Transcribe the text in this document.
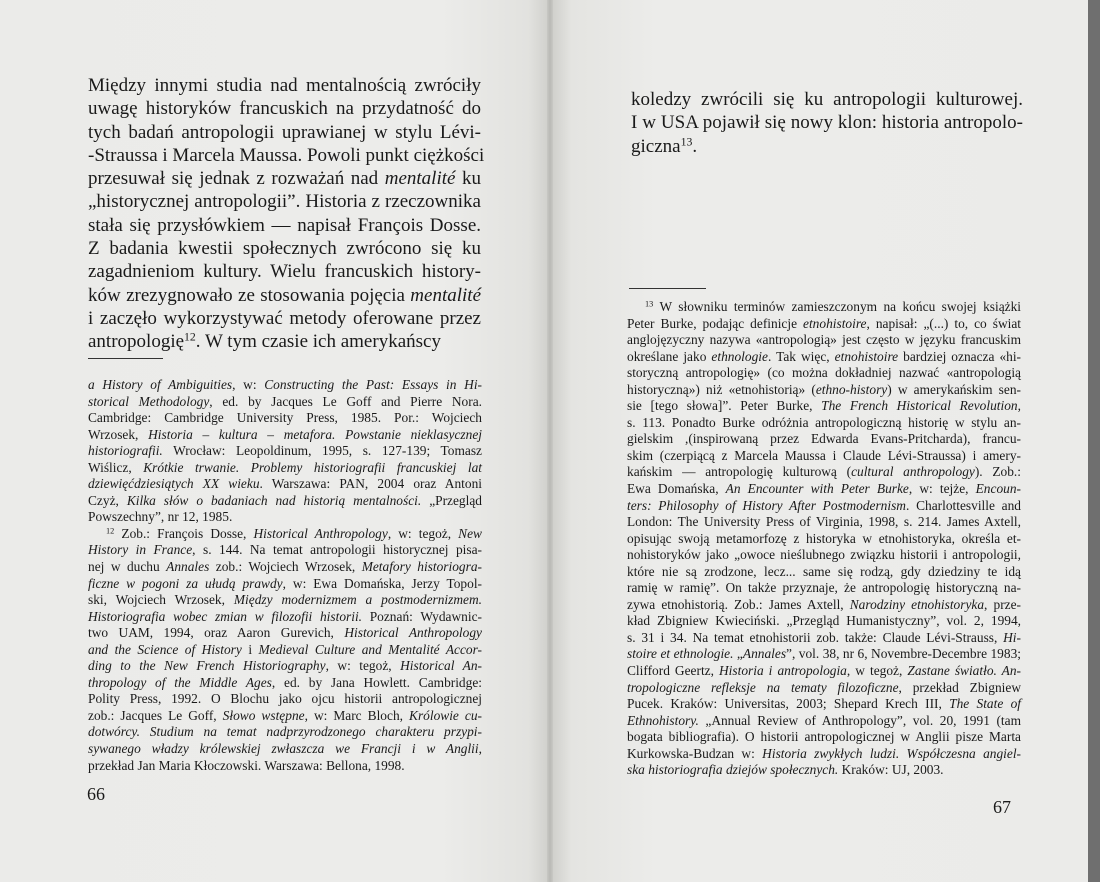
Między innymi studia nad mentalnością zwróciły
uwagę historyków francuskich na przydatność do
tych badań antropologii uprawianej w stylu Lévi-
-Straussa i Marcela Maussa. Powoli punkt ciężkości
przesuwał się jednak z rozważań nad mentalité ku
„historycznej antropologii”. Historia z rzeczownika
stała się przysłówkiem — napisał François Dosse.
Z badania kwestii społecznych zwrócono się ku
zagadnieniom kultury. Wielu francuskich history-
ków zrezygnowało ze stosowania pojęcia mentalité
i zaczęło wykorzystywać metody oferowane przez
antropologię$^{12}$. W tym czasie ich amerykańscy
a History of Ambiguities, w: Constructing the Past: Essays in Hi-
storical Methodology, ed. by Jacques Le Goff and Pierre Nora.
Cambridge: Cambridge University Press, 1985. Por.: Wojciech
Wrzosek, Historia – kultura – metafora. Powstanie nieklasycznej
historiografii. Wrocław: Leopoldinum, 1995, s. 127-139; Tomasz
Wiślicz, Krótkie trwanie. Problemy historiografii francuskiej lat
dziewięćdziesiątych XX wieku. Warszawa: PAN, 2004 oraz Antoni
Czyż, Kilka słów o badaniach nad historią mentalności. „Przegląd
Powszechny”, nr 12, 1985.
$^{12}$ Zob.: François Dosse, Historical Anthropology, w: tegoż, New
History in France, s. 144. Na temat antropologii historycznej pisa-
nej w duchu Annales zob.: Wojciech Wrzosek, Metafory historiogra-
ficzne w pogoni za ułudą prawdy, w: Ewa Domańska, Jerzy Topol-
ski, Wojciech Wrzosek, Między modernizmem a postmodernizmem.
Historiografia wobec zmian w filozofii historii. Poznań: Wydawnic-
two UAM, 1994, oraz Aaron Gurevich, Historical Anthropology
and the Science of History i Medieval Culture and Mentalité Accor-
ding to the New French Historiography, w: tegoż, Historical An-
thropology of the Middle Ages, ed. by Jana Howlett. Cambridge:
Polity Press, 1992. O Blochu jako ojcu historii antropologicznej
zob.: Jacques Le Goff, Słowo wstępne, w: Marc Bloch, Królowie cu-
dotwórcy. Studium na temat nadprzyrodzonego charakteru przypi-
sywanego władzy królewskiej zwłaszcza we Francji i w Anglii,
przekład Jan Maria Kłoczowski. Warszawa: Bellona, 1998.
66
koledzy zwrócili się ku antropologii kulturowej.
I w USA pojawił się nowy klon: historia antropolo-
giczna$^{13}$.
$^{13}$ W słowniku terminów zamieszczonym na końcu swojej książki
Peter Burke, podając definicje etnohistoire, napisał: „(...) to, co świat
anglojęzyczny nazywa «antropologią» jest często w języku francuskim
określane jako ethnologie. Tak więc, etnohistoire bardziej oznacza «hi-
storyczną antropologię» (co można dokładniej nazwać «antropologią
historyczną») niż «etnohistorią» (ethno-history) w amerykańskim sen-
sie [tego słowa]”. Peter Burke, The French Historical Revolution,
s. 113. Ponadto Burke odróżnia antropologiczną historię w stylu an-
gielskim ,(inspirowaną przez Edwarda Evans-Pritcharda), francu-
skim (czerpiącą z Marcela Maussa i Claude Lévi-Straussa) i amery-
kańskim — antropologię kulturową (cultural anthropology). Zob.:
Ewa Domańska, An Encounter with Peter Burke, w: tejże, Encoun-
ters: Philosophy of History After Postmodernism. Charlottesville and
London: The University Press of Virginia, 1998, s. 214. James Axtell,
opisując swoją metamorfozę z historyka w etnohistoryka, określa et-
nohistoryków jako „owoce nieślubnego związku historii i antropologii,
które nie są zrodzone, lecz... same się rodzą, gdy dziedziny te idą
ramię w ramię”. On także przyznaje, że antropologię historyczną na-
zywa etnohistorią. Zob.: James Axtell, Narodziny etnohistoryka, prze-
kład Zbigniew Kwieciński. „Przegląd Humanistyczny”, vol. 2, 1994,
s. 31 i 34. Na temat etnohistorii zob. także: Claude Lévi-Strauss, Hi-
stoire et ethnologie. „Annales”, vol. 38, nr 6, Novembre-Decembre 1983;
Clifford Geertz, Historia i antropologia, w tegoż, Zastane światło. An-
tropologiczne refleksje na tematy filozoficzne, przekład Zbigniew
Pucek. Kraków: Universitas, 2003; Shepard Krech III, The State of
Ethnohistory. „Annual Review of Anthropology”, vol. 20, 1991 (tam
bogata bibliografia). O historii antropologicznej w Anglii pisze Marta
Kurkowska-Budzan w: Historia zwykłych ludzi. Współczesna angiel-
ska historiografia dziejów społecznych. Kraków: UJ, 2003.
67
